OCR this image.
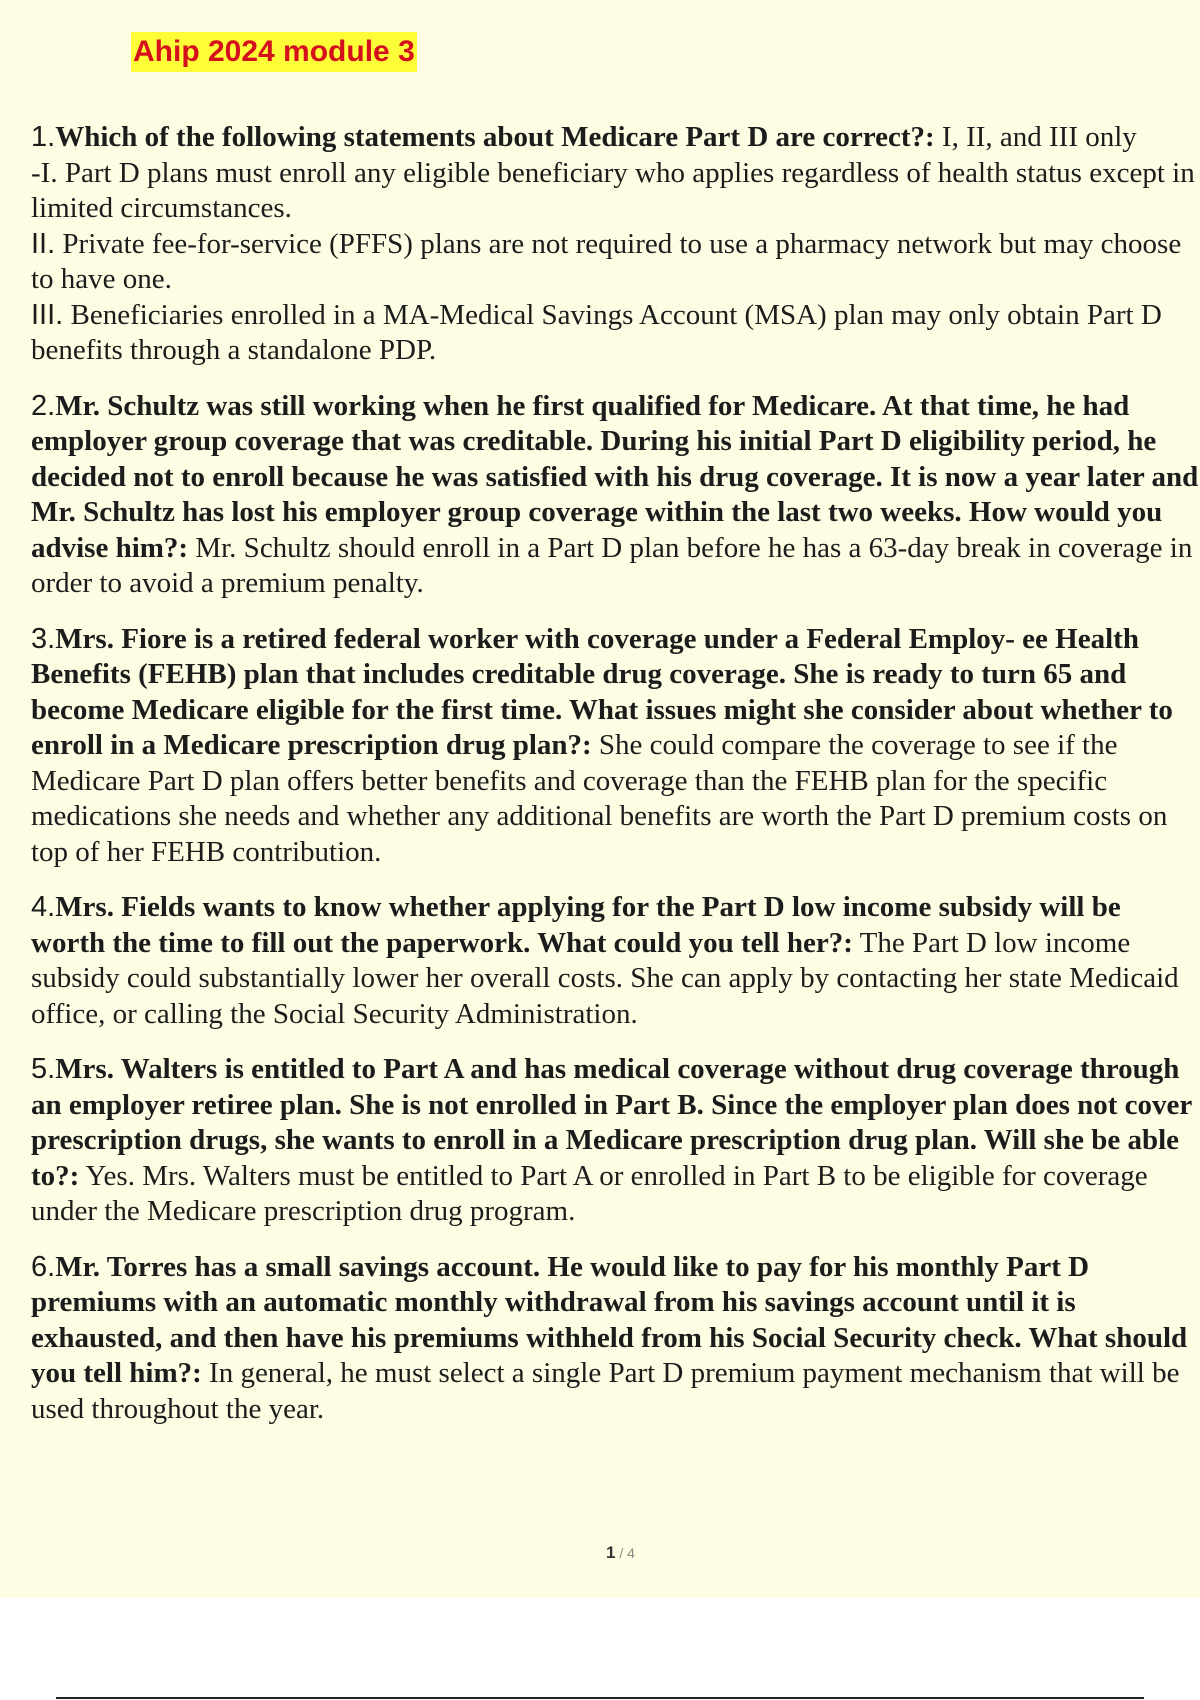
Ahip 2024 module 3
1.Which of the following statements about Medicare Part D are correct?: I, II, and III only
-I. Part D plans must enroll any eligible beneficiary who applies regardless of health status except in limited circumstances.
II. Private fee-for-service (PFFS) plans are not required to use a pharmacy network but may choose to have one.
III. Beneficiaries enrolled in a MA-Medical Savings Account (MSA) plan may only obtain Part D benefits through a standalone PDP.
2.Mr. Schultz was still working when he first qualified for Medicare. At that time, he had employer group coverage that was creditable. During his initial Part D eligibility period, he decided not to enroll because he was satisfied with his drug coverage. It is now a year later and Mr. Schultz has lost his employer group coverage within the last two weeks. How would you advise him?: Mr. Schultz should enroll in a Part D plan before he has a 63-day break in coverage in order to avoid a premium penalty.
3.Mrs. Fiore is a retired federal worker with coverage under a Federal Employ- ee Health Benefits (FEHB) plan that includes creditable drug coverage. She is ready to turn 65 and become Medicare eligible for the first time. What issues might she consider about whether to enroll in a Medicare prescription drug plan?: She could compare the coverage to see if the Medicare Part D plan offers better benefits and coverage than the FEHB plan for the specific medications she needs and whether any additional benefits are worth the Part D premium costs on top of her FEHB contribution.
4.Mrs. Fields wants to know whether applying for the Part D low income subsidy will be worth the time to fill out the paperwork. What could you tell her?: The Part D low income subsidy could substantially lower her overall costs. She can apply by contacting her state Medicaid office, or calling the Social Security Administration.
5.Mrs. Walters is entitled to Part A and has medical coverage without drug coverage through an employer retiree plan. She is not enrolled in Part B. Since the employer plan does not cover prescription drugs, she wants to enroll in a Medicare prescription drug plan. Will she be able to?: Yes. Mrs. Walters must be entitled to Part A or enrolled in Part B to be eligible for coverage under the Medicare prescription drug program.
6.Mr. Torres has a small savings account. He would like to pay for his monthly Part D premiums with an automatic monthly withdrawal from his savings account until it is exhausted, and then have his premiums withheld from his Social Security check. What should you tell him?: In general, he must select a single Part D premium payment mechanism that will be used throughout the year.
1 / 4
